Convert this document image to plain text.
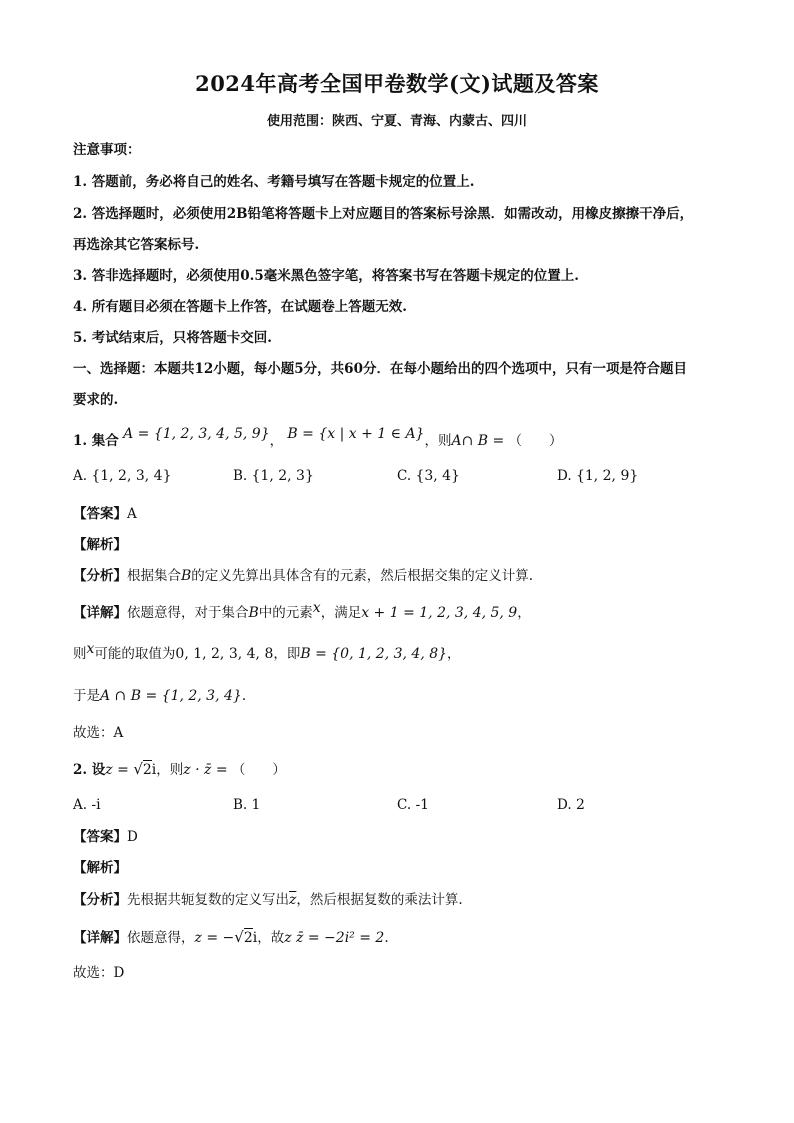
2024年高考全国甲卷数学(文)试题及答案
使用范围：陕西、宁夏、青海、内蒙古、四川
注意事项：
1. 答题前，务必将自己的姓名、考籍号填写在答题卡规定的位置上.
2. 答选择题时，必须使用2B铅笔将答题卡上对应题目的答案标号涂黑．如需改动，用橡皮擦擦干净后，
再选涂其它答案标号.
3. 答非选择题时，必须使用0.5毫米黑色签字笔，将答案书写在答题卡规定的位置上.
4. 所有题目必须在答题卡上作答，在试题卷上答题无效.
5. 考试结束后，只将答题卡交回.
一、选择题：本题共12小题，每小题5分，共60分．在每小题给出的四个选项中，只有一项是符合题目
要求的.
1. 集合 A = {1, 2, 3, 4, 5, 9}， B = {x | x + 1 ∈ A}，则A∩ B = （　　）
A. {1, 2, 3, 4}	B. {1, 2, 3}	C. {3, 4}	D. {1, 2, 9}
【答案】A
【解析】
【分析】根据集合B的定义先算出具体含有的元素，然后根据交集的定义计算.
【详解】依题意得，对于集合B中的元素x，满足x + 1 = 1, 2, 3, 4, 5, 9，
则x可能的取值为0, 1, 2, 3, 4, 8，即B = {0, 1, 2, 3, 4, 8}，
于是A ∩ B = {1, 2, 3, 4}.
故选：A
2. 设z = √2i，则z · z̄ = （　　）
A. -i	B. 1	C. -1	D. 2
【答案】D
【解析】
【分析】先根据共轭复数的定义写出$\overline{z}$，然后根据复数的乘法计算.
【详解】依题意得，z = −√2i，故z z̄ = −2i² = 2.
故选：D
